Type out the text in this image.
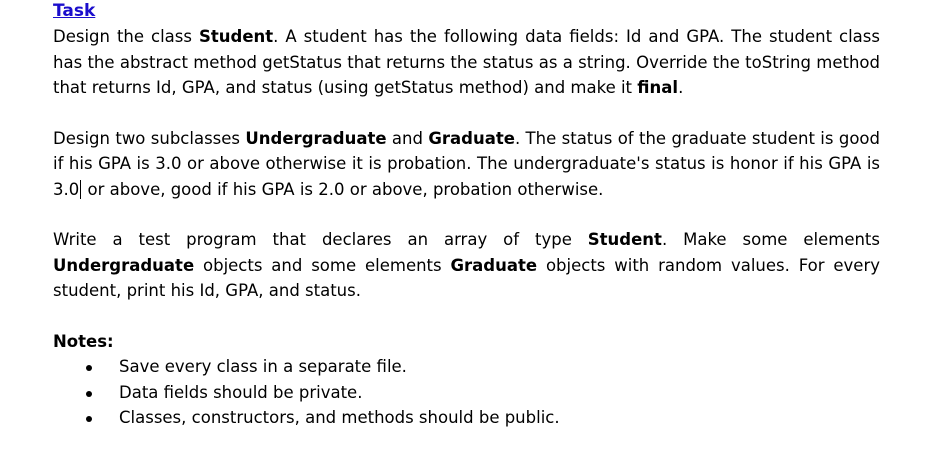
Task

Design the class Student. A student has the following data fields: Id and GPA. The student class has the abstract method getStatus that returns the status as a string. Override the toString method that returns Id, GPA, and status (using getStatus method) and make it final.

Design two subclasses Undergraduate and Graduate. The status of the graduate student is good if his GPA is 3.0 or above otherwise it is probation. The undergraduate's status is honor if his GPA is 3.0 or above, good if his GPA is 2.0 or above, probation otherwise.

Write a test program that declares an array of type Student. Make some elements Undergraduate objects and some elements Graduate objects with random values. For every student, print his Id, GPA, and status.

Notes:

Save every class in a separate file.
Data fields should be private.
Classes, constructors, and methods should be public.
